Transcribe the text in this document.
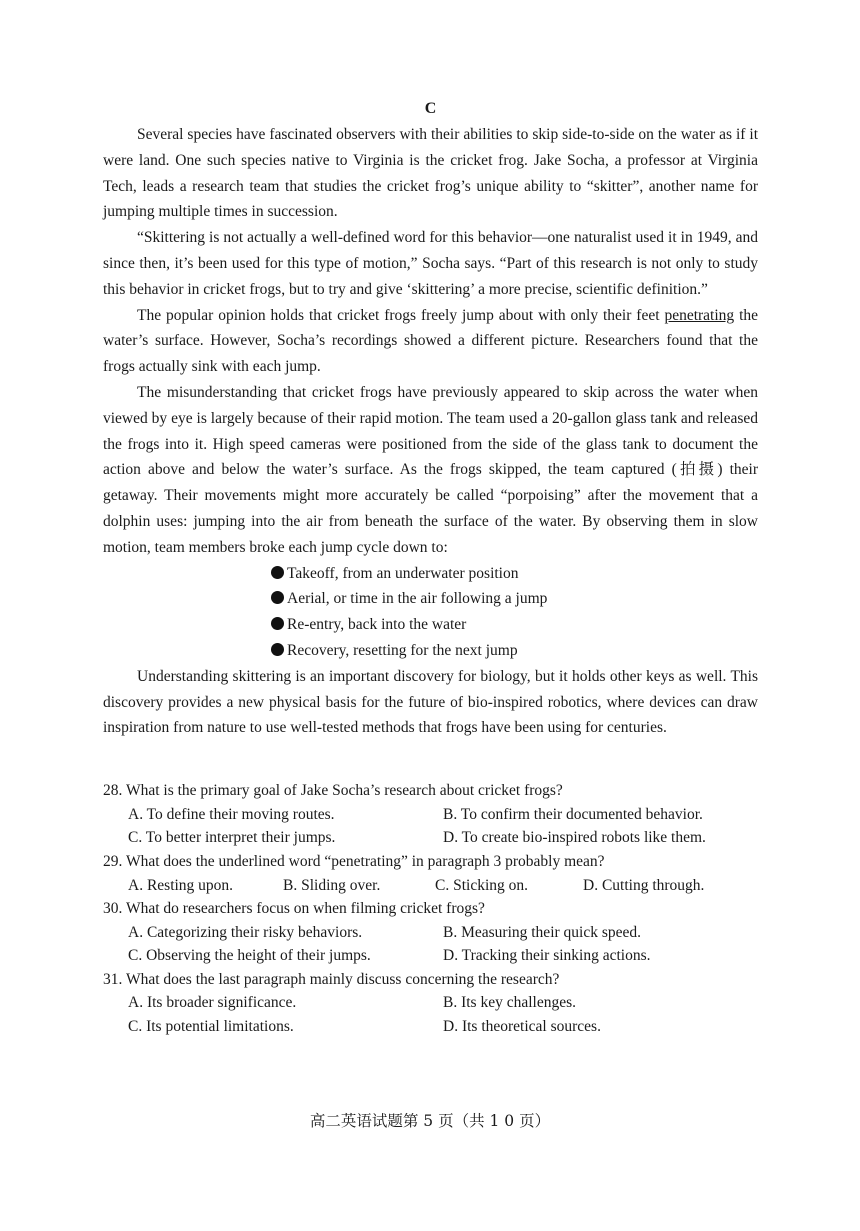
C

Several species have fascinated observers with their abilities to skip side-to-side on the water as if it were land. One such species native to Virginia is the cricket frog. Jake Socha, a professor at Virginia Tech, leads a research team that studies the cricket frog’s unique ability to “skitter”, another name for jumping multiple times in succession.

“Skittering is not actually a well-defined word for this behavior—one naturalist used it in 1949, and since then, it’s been used for this type of motion,” Socha says. “Part of this research is not only to study this behavior in cricket frogs, but to try and give ‘skittering’ a more precise, scientific definition.”

The popular opinion holds that cricket frogs freely jump about with only their feet penetrating the water’s surface. However, Socha’s recordings showed a different picture. Researchers found that the frogs actually sink with each jump.

The misunderstanding that cricket frogs have previously appeared to skip across the water when viewed by eye is largely because of their rapid motion. The team used a 20-gallon glass tank and released the frogs into it. High speed cameras were positioned from the side of the glass tank to document the action above and below the water’s surface. As the frogs skipped, the team captured (拍摄) their getaway. Their movements might more accurately be called “porpoising” after the movement that a dolphin uses: jumping into the air from beneath the surface of the water. By observing them in slow motion, team members broke each jump cycle down to:

Takeoff, from an underwater position
Aerial, or time in the air following a jump
Re-entry, back into the water
Recovery, resetting for the next jump

Understanding skittering is an important discovery for biology, but it holds other keys as well. This discovery provides a new physical basis for the future of bio-inspired robotics, where devices can draw inspiration from nature to use well-tested methods that frogs have been using for centuries.

28. What is the primary goal of Jake Socha’s research about cricket frogs?

A. To define their moving routes.	B. To confirm their documented behavior.
C. To better interpret their jumps.	D. To create bio-inspired robots like them.

29. What does the underlined word “penetrating” in paragraph 3 probably mean?

A. Resting upon.	B. Sliding over.	C. Sticking on.	D. Cutting through.

30. What do researchers focus on when filming cricket frogs?

A. Categorizing their risky behaviors.	B. Measuring their quick speed.
C. Observing the height of their jumps.	D. Tracking their sinking actions.

31. What does the last paragraph mainly discuss concerning the research?

A. Its broader significance.	B. Its key challenges.
C. Its potential limitations.	D. Its theoretical sources.
高二英语试题第 5 页（共 1 0 页）
